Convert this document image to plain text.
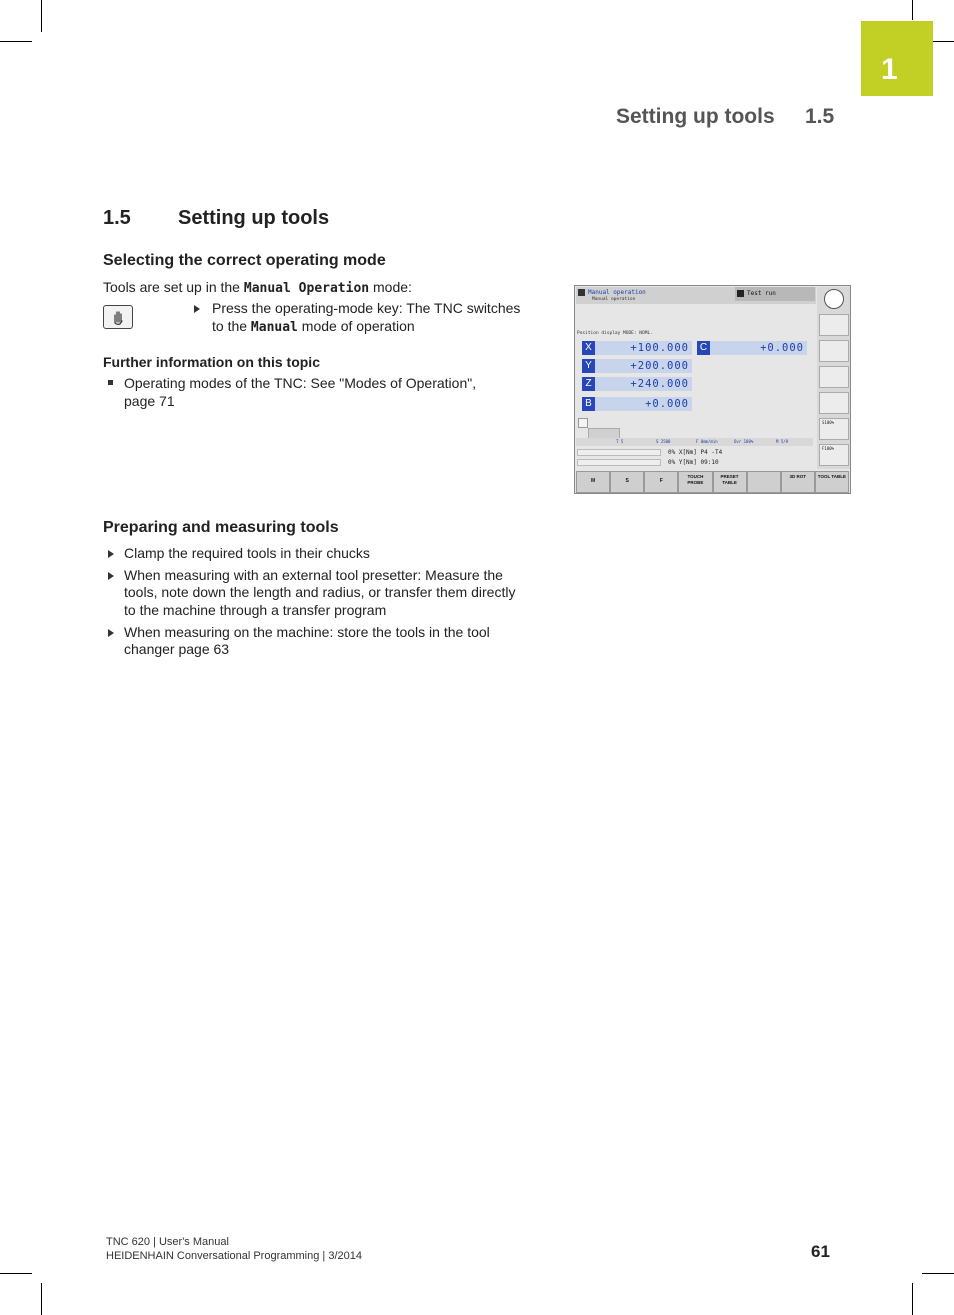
1
Setting up tools 1.5
1.5 Setting up tools
Selecting the correct operating mode
Tools are set up in the Manual Operation mode:
Press the operating-mode key: The TNC switches
to the Manual mode of operation
Further information on this topic
Operating modes of the TNC: See "Modes of Operation",
page 71
Manual operation
Manual operation
Test run
Position display MODE: NOML.
X	+100.000
Y	+200.000
Z	+240.000
B	+0.000
C	+0.000
T 5	S 2500	F 0mm/min	Ovr 100%	M 5/9
0% X[Nm] P4 -T4
0% Y[Nm] 09:10
S100%
F100%
M	S	F
TOUCH PROBE
PRESET TABLE
3D ROT	TOOL TABLE
Preparing and measuring tools
Clamp the required tools in their chucks
When measuring with an external tool presetter: Measure the
tools, note down the length and radius, or transfer them directly
to the machine through a transfer program
When measuring on the machine: store the tools in the tool
changer page 63
TNC 620 | User's Manual
HEIDENHAIN Conversational Programming | 3/2014	61
